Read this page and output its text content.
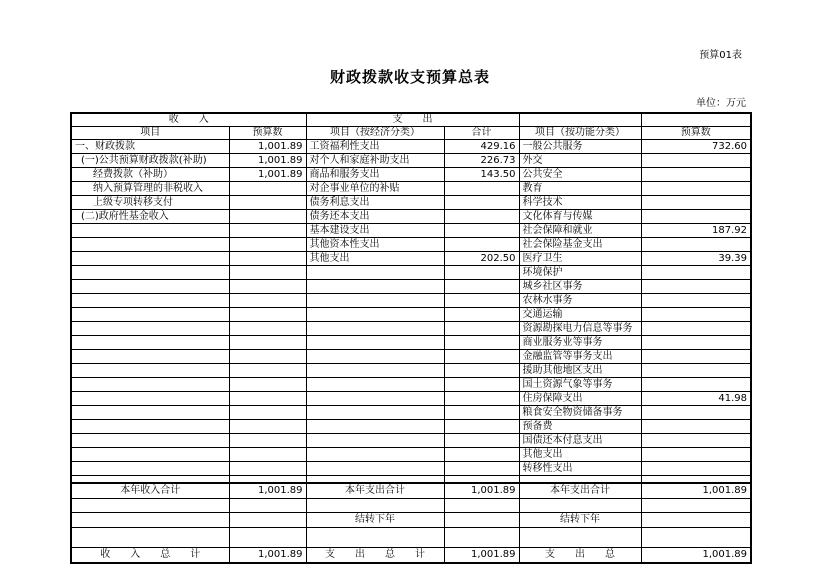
预算01表
财政拨款收支预算总表
单位：万元
收　　入		支　　出			
项目	预算数	项目（按经济分类）	合计	项目（按功能分类）	预算数
一、财政拨款	1,001.89	工资福利性支出	429.16	一般公共服务	732.60
(一)公共预算财政拨款(补助)	1,001.89	对个人和家庭补助支出	226.73	外交	
经费拨款（补助）	1,001.89	商品和服务支出	143.50	公共安全	
纳入预算管理的非税收入		对企事业单位的补贴		教育	
上级专项转移支付		债务利息支出		科学技术	
(二)政府性基金收入		债务还本支出		文化体育与传媒	
		基本建设支出		社会保障和就业	187.92
		其他资本性支出		社会保险基金支出	
		其他支出	202.50	医疗卫生	39.39
				环境保护	
				城乡社区事务	
				农林水事务	
				交通运输	
				资源勘探电力信息等事务	
				商业服务业等事务	
				金融监管等事务支出	
				援助其他地区支出	
				国土资源气象等事务	
				住房保障支出	41.98
				粮食安全物资储备事务	
				预备费	
				国债还本付息支出	
				其他支出	
				转移性支出	

本年收入合计	1,001.89	本年支出合计	1,001.89	本年支出合计	1,001.89

		结转下年		结转下年	

收　　入　　总　　计	1,001.89	支　　出　　总　　计	1,001.89	支　　出　　总	1,001.89
